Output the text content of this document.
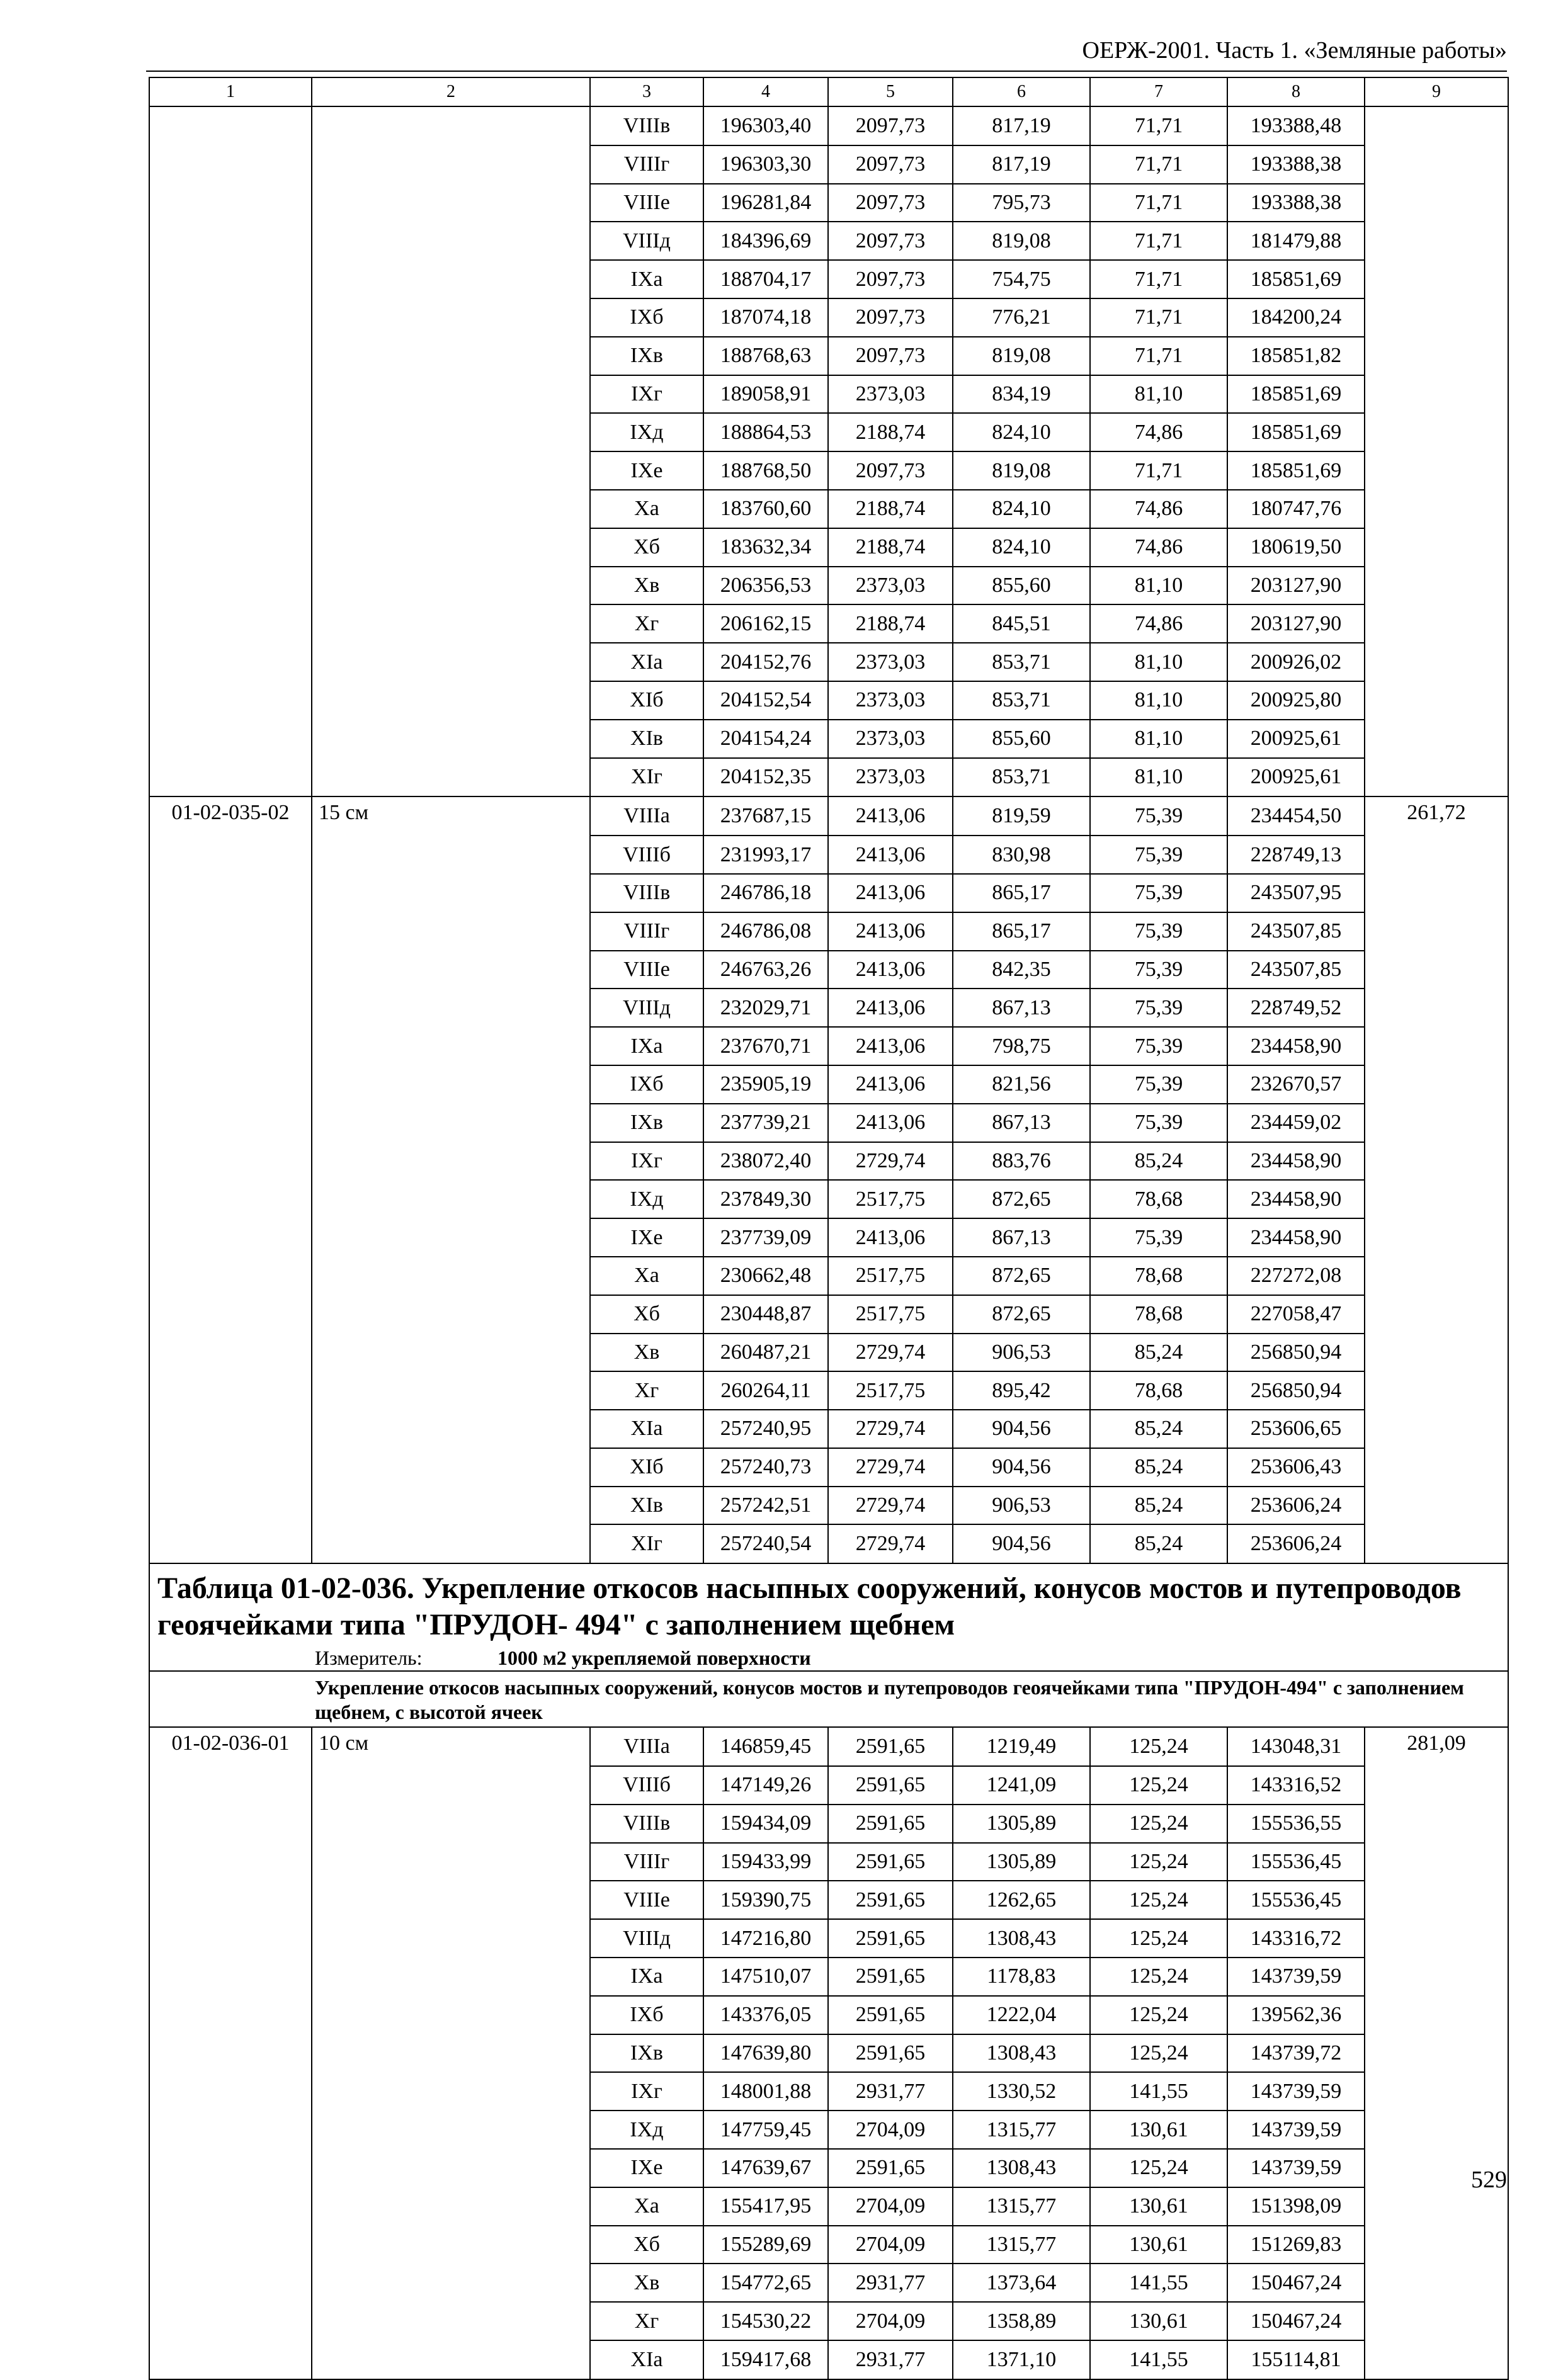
ОЕРЖ-2001. Часть 1. «Земляные работы»
1	2	3	4	5	6	7	8	9
		VIIIв	196303,40	2097,73	817,19	71,71	193388,48	
		VIIIг	196303,30	2097,73	817,19	71,71	193388,38	
		VIIIе	196281,84	2097,73	795,73	71,71	193388,38	
		VIIIд	184396,69	2097,73	819,08	71,71	181479,88	
		IXа	188704,17	2097,73	754,75	71,71	185851,69	
		IXб	187074,18	2097,73	776,21	71,71	184200,24	
		IXв	188768,63	2097,73	819,08	71,71	185851,82	
		IXг	189058,91	2373,03	834,19	81,10	185851,69	
		IXд	188864,53	2188,74	824,10	74,86	185851,69	
		IXе	188768,50	2097,73	819,08	71,71	185851,69	
		Xа	183760,60	2188,74	824,10	74,86	180747,76	
		Xб	183632,34	2188,74	824,10	74,86	180619,50	
		Xв	206356,53	2373,03	855,60	81,10	203127,90	
		Xг	206162,15	2188,74	845,51	74,86	203127,90	
		XIа	204152,76	2373,03	853,71	81,10	200926,02	
		XIб	204152,54	2373,03	853,71	81,10	200925,80	
		XIв	204154,24	2373,03	855,60	81,10	200925,61	
		XIг	204152,35	2373,03	853,71	81,10	200925,61	
01-02-035-02	15 см	VIIIа	237687,15	2413,06	819,59	75,39	234454,50	261,72
		VIIIб	231993,17	2413,06	830,98	75,39	228749,13	
		VIIIв	246786,18	2413,06	865,17	75,39	243507,95	
		VIIIг	246786,08	2413,06	865,17	75,39	243507,85	
		VIIIе	246763,26	2413,06	842,35	75,39	243507,85	
		VIIIд	232029,71	2413,06	867,13	75,39	228749,52	
		IXа	237670,71	2413,06	798,75	75,39	234458,90	
		IXб	235905,19	2413,06	821,56	75,39	232670,57	
		IXв	237739,21	2413,06	867,13	75,39	234459,02	
		IXг	238072,40	2729,74	883,76	85,24	234458,90	
		IXд	237849,30	2517,75	872,65	78,68	234458,90	
		IXе	237739,09	2413,06	867,13	75,39	234458,90	
		Xа	230662,48	2517,75	872,65	78,68	227272,08	
		Xб	230448,87	2517,75	872,65	78,68	227058,47	
		Xв	260487,21	2729,74	906,53	85,24	256850,94	
		Xг	260264,11	2517,75	895,42	78,68	256850,94	
		XIа	257240,95	2729,74	904,56	85,24	253606,65	
		XIб	257240,73	2729,74	904,56	85,24	253606,43	
		XIв	257242,51	2729,74	906,53	85,24	253606,24	
		XIг	257240,54	2729,74	904,56	85,24	253606,24	

Таблица 01-02-036. Укрепление откосов насыпных сооружений, конусов мостов и путепроводов геоячейками типа "ПРУДОН- 494" с заполнением щебнем
Измеритель: 1000 м2 укрепляемой поверхности								

Укрепление откосов насыпных сооружений, конусов мостов и путепроводов геоячейками типа "ПРУДОН-494" с заполнением щебнем, с высотой ячеек								
01-02-036-01	10 см	VIIIа	146859,45	2591,65	1219,49	125,24	143048,31	281,09
		VIIIб	147149,26	2591,65	1241,09	125,24	143316,52	
		VIIIв	159434,09	2591,65	1305,89	125,24	155536,55	
		VIIIг	159433,99	2591,65	1305,89	125,24	155536,45	
		VIIIе	159390,75	2591,65	1262,65	125,24	155536,45	
		VIIIд	147216,80	2591,65	1308,43	125,24	143316,72	
		IXа	147510,07	2591,65	1178,83	125,24	143739,59	
		IXб	143376,05	2591,65	1222,04	125,24	139562,36	
		IXв	147639,80	2591,65	1308,43	125,24	143739,72	
		IXг	148001,88	2931,77	1330,52	141,55	143739,59	
		IXд	147759,45	2704,09	1315,77	130,61	143739,59	
		IXе	147639,67	2591,65	1308,43	125,24	143739,59	
		Xа	155417,95	2704,09	1315,77	130,61	151398,09	
		Xб	155289,69	2704,09	1315,77	130,61	151269,83	
		Xв	154772,65	2931,77	1373,64	141,55	150467,24	
		Xг	154530,22	2704,09	1358,89	130,61	150467,24	
		XIа	159417,68	2931,77	1371,10	141,55	155114,81	
529
